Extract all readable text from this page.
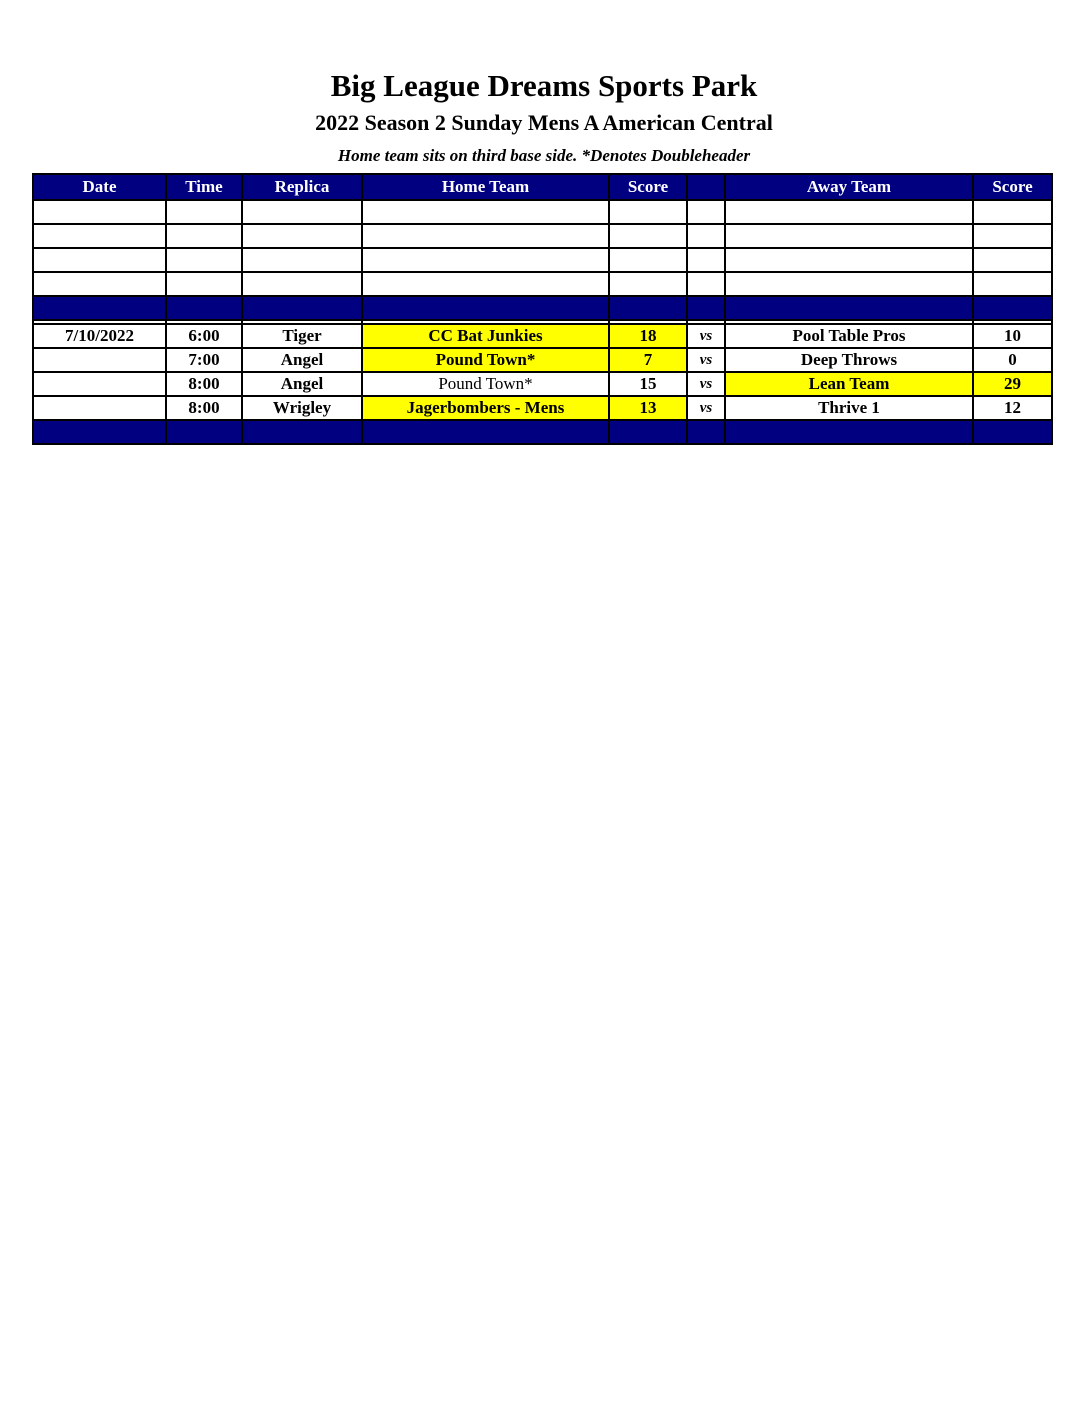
Big League Dreams Sports Park
2022 Season 2 Sunday Mens A American Central
Home team sits on third base side. *Denotes Doubleheader
Date	Time	Replica	Home Team	Score		Away Team	Score

7/10/2022	6:00	Tiger	CC Bat Junkies	18	vs	Pool Table Pros	10
	7:00	Angel	Pound Town*	7	vs	Deep Throws	0
	8:00	Angel	Pound Town*	15	vs	Lean Team	29
	8:00	Wrigley	Jagerbombers - Mens	13	vs	Thrive 1	12
